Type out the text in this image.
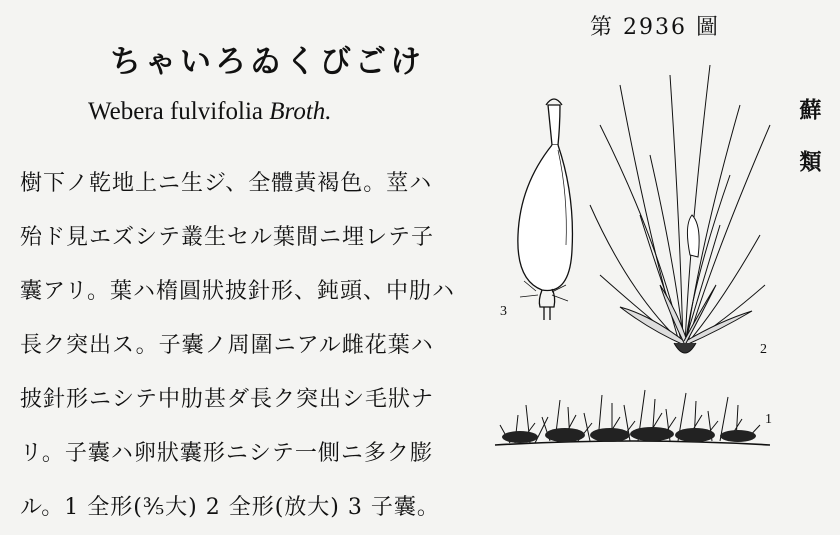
第 2936 圖
ちゃいろゐくびごけ
Webera fulvifolia Broth.
樹下ノ乾地上ニ生ジ、全體黃褐色。莖ハ
殆ド見エズシテ叢生セル葉間ニ埋レテ子
囊アリ。葉ハ楕圓狀披針形、鈍頭、中肋ハ
長ク突出ス。子囊ノ周圍ニアル雌花葉ハ
披針形ニシテ中肋甚ダ長ク突出シ毛狀ナ
リ。子囊ハ卵狀囊形ニシテ一側ニ多ク膨
ル。1 全形(⅗大) 2 全形(放大) 3 子囊。
蘚類
3
2
1
